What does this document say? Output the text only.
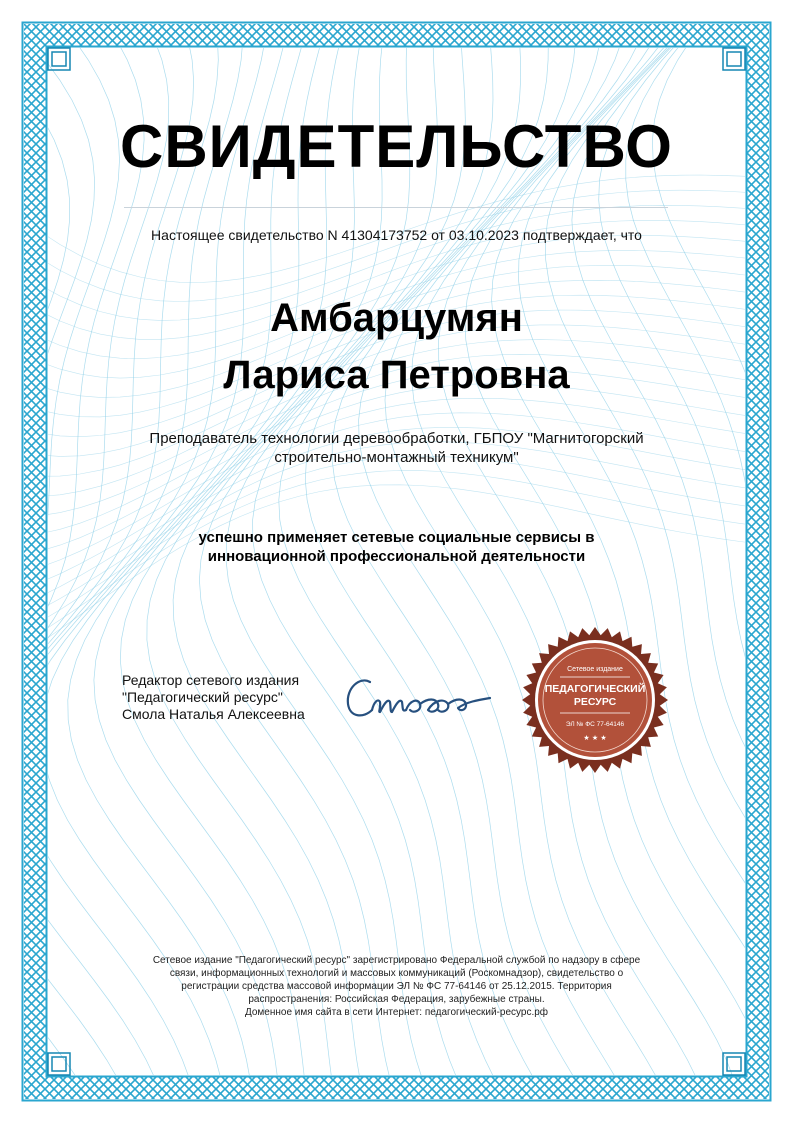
СВИДЕТЕЛЬСТВО
Настоящее свидетельство N 41304173752 от 03.10.2023 подтверждает, что
Амбарцумян
Лариса Петровна
Преподаватель технологии деревообработки, ГБПОУ "Магнитогорский
строительно-монтажный техникум"
успешно применяет сетевые социальные сервисы в
инновационной профессиональной деятельности
Редактор сетевого издания
"Педагогический ресурс"
Смола Наталья Алексеевна
Сетевое издание
ПЕДАГОГИЧЕСКИЙ
РЕСУРС
ЭЛ № ФС 77-64146
★ ★ ★
Сетевое издание "Педагогический ресурс" зарегистрировано Федеральной службой по надзору в сфере
связи, информационных технологий и массовых коммуникаций (Роскомнадзор), свидетельство о
регистрации средства массовой информации ЭЛ № ФС 77-64146 от 25.12.2015. Территория
распространения: Российская Федерация, зарубежные страны.
Доменное имя сайта в сети Интернет: педагогический-ресурс.рф
